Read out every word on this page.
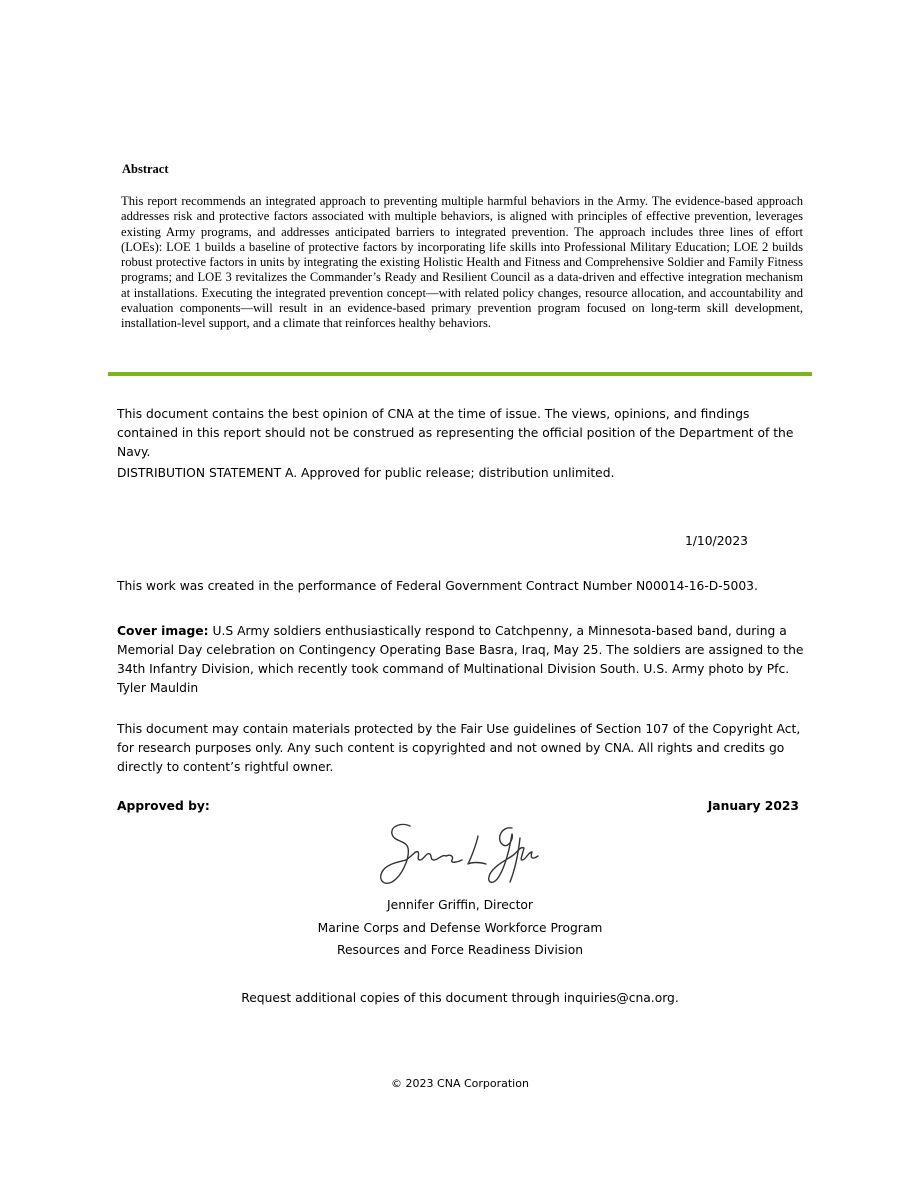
Abstract
This report recommends an integrated approach to preventing multiple harmful behaviors in the Army. The evidence-based approach addresses risk and protective factors associated with multiple behaviors, is aligned with principles of effective prevention, leverages existing Army programs, and addresses anticipated barriers to integrated prevention. The approach includes three lines of effort (LOEs): LOE 1 builds a baseline of protective factors by incorporating life skills into Professional Military Education; LOE 2 builds robust protective factors in units by integrating the existing Holistic Health and Fitness and Comprehensive Soldier and Family Fitness programs; and LOE 3 revitalizes the Commander’s Ready and Resilient Council as a data-driven and effective integration mechanism at installations. Executing the integrated prevention concept—with related policy changes, resource allocation, and accountability and evaluation components—will result in an evidence-based primary prevention program focused on long-term skill development, installation-level support, and a climate that reinforces healthy behaviors.
This document contains the best opinion of CNA at the time of issue. The views, opinions, and findings contained in this report should not be construed as representing the official position of the Department of the Navy.
DISTRIBUTION STATEMENT A. Approved for public release; distribution unlimited.
1/10/2023
This work was created in the performance of Federal Government Contract Number N00014-16-D-5003.
Cover image: U.S Army soldiers enthusiastically respond to Catchpenny, a Minnesota-based band, during a Memorial Day celebration on Contingency Operating Base Basra, Iraq, May 25. The soldiers are assigned to the 34th Infantry Division, which recently took command of Multinational Division South. U.S. Army photo by Pfc. Tyler Mauldin
This document may contain materials protected by the Fair Use guidelines of Section 107 of the Copyright Act, for research purposes only. Any such content is copyrighted and not owned by CNA. All rights and credits go directly to content’s rightful owner.
Approved by:	January 2023
Jennifer Griffin, Director
Marine Corps and Defense Workforce Program
Resources and Force Readiness Division
Request additional copies of this document through inquiries@cna.org.
© 2023 CNA Corporation
